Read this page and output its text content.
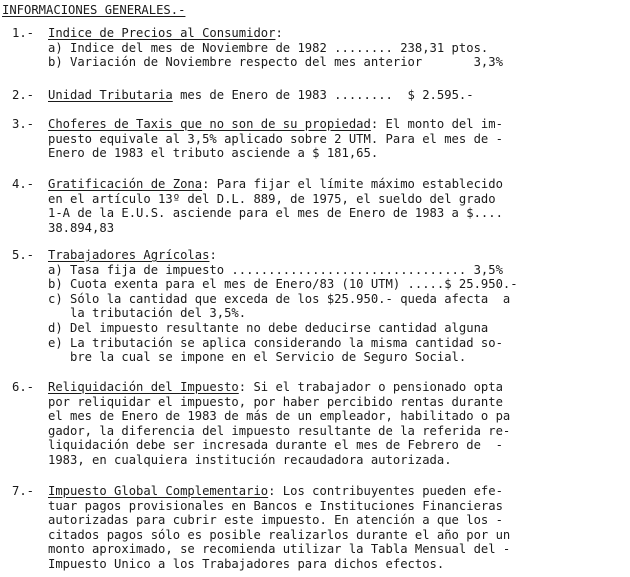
INFORMACIONES GENERALES.-
1.- Indice de Precios al Consumidor:
a) Indice del mes de Noviembre de 1982 ........ 238,31 ptos.
b) Variación de Noviembre respecto del mes anterior       3,3%
2.- Unidad Tributaria mes de Enero de 1983 ........  $ 2.595.-
3.- Choferes de Taxis que no son de su propiedad: El monto del im-
puesto equivale al 3,5% aplicado sobre 2 UTM. Para el mes de -
Enero de 1983 el tributo asciende a $ 181,65.
4.- Gratificación de Zona: Para fijar el límite máximo establecido
en el artículo 13º del D.L. 889, de 1975, el sueldo del grado
1-A de la E.U.S. asciende para el mes de Enero de 1983 a $....
38.894,83
5.- Trabajadores Agrícolas:
a) Tasa fija de impuesto ................................ 3,5%
b) Cuota exenta para el mes de Enero/83 (10 UTM) .....$ 25.950.-
c) Sólo la cantidad que exceda de los $25.950.- queda afecta  a
la tributación del 3,5%.
d) Del impuesto resultante no debe deducirse cantidad alguna
e) La tributación se aplica considerando la misma cantidad so-
bre la cual se impone en el Servicio de Seguro Social.
6.- Reliquidación del Impuesto: Si el trabajador o pensionado opta
por reliquidar el impuesto, por haber percibido rentas durante
el mes de Enero de 1983 de más de un empleador, habilitado o pa
gador, la diferencia del impuesto resultante de la referida re-
liquidación debe ser incresada durante el mes de Febrero de  -
1983, en cualquiera institución recaudadora autorizada.
7.- Impuesto Global Complementario: Los contribuyentes pueden efe-
tuar pagos provisionales en Bancos e Instituciones Financieras
autorizadas para cubrir este impuesto. En atención a que los -
citados pagos sólo es posible realizarlos durante el año por un
monto aproximado, se recomienda utilizar la Tabla Mensual del -
Impuesto Unico a los Trabajadores para dichos efectos.
